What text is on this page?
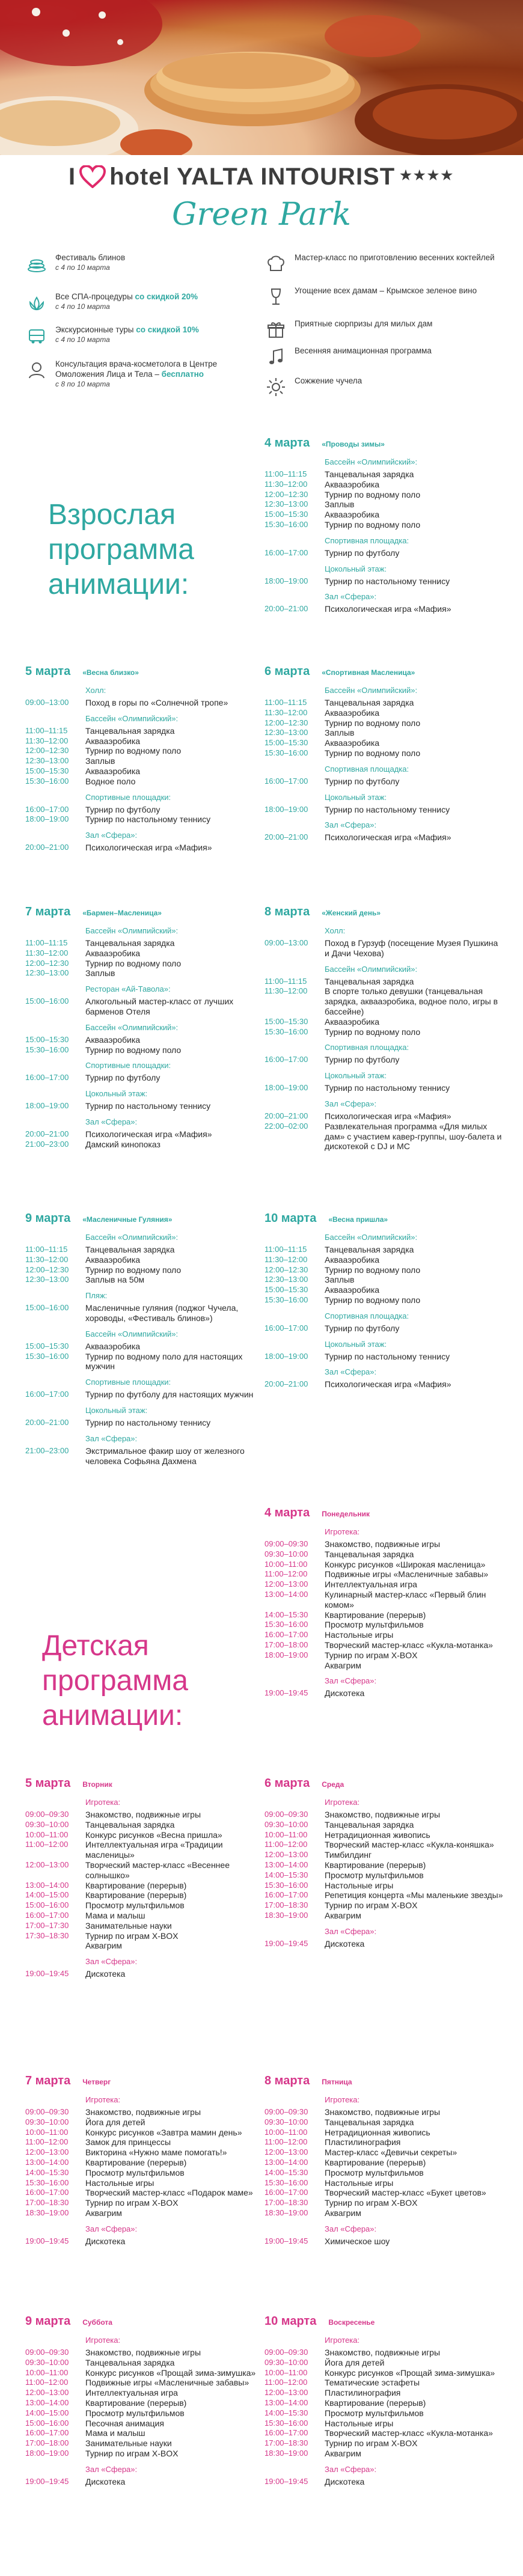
I hotel YALTA INTOURIST ★★★★
Green Park
Фестиваль блинов
с 4 по 10 марта
Мастер-класс по приготовлению весенних коктейлей
Все СПА-процедуры со скидкой 20%
с 4 по 10 марта
Угощение всех дамам – Крымское зеленое вино
Экскурсионные туры со скидкой 10%
с 4 по 10 марта
Приятные сюрпризы для милых дам
Консультация врача-косметолога в Центре Омоложения Лица и Тела – бесплатно
с 8 по 10 марта
Весенняя анимационная программа
Сожжение чучела
Взрослая программа анимации:
Детская программа анимации:
4 марта «Проводы зимы»
Бассейн «Олимпийский»:
11:00–11:15	Танцевальная зарядка
11:30–12:00	Аквааэробика
12:00–12:30	Турнир по водному поло
12:30–13:00	Заплыв
15:00–15:30	Аквааэробика
15:30–16:00	Турнир по водному поло
Спортивная площадка:
16:00–17:00	Турнир по футболу
Цокольный этаж:
18:00–19:00	Турнир по настольному теннису
Зал «Сфера»:
20:00–21:00	Психологическая игра «Мафия»
5 марта «Весна близко»
Холл:
09:00–13:00	Поход в горы по «Солнечной тропе»
Бассейн «Олимпийский»:
11:00–11:15	Танцевальная зарядка
11:30–12:00	Аквааэробика
12:00–12:30	Турнир по водному поло
12:30–13:00	Заплыв
15:00–15:30	Аквааэробика
15:30–16:00	Водное поло
Спортивные площадки:
16:00–17:00	Турнир по футболу
18:00–19:00	Турнир по настольному теннису
Зал «Сфера»:
20:00–21:00	Психологическая игра «Мафия»
6 марта «Спортивная Масленица»
Бассейн «Олимпийский»:
11:00–11:15	Танцевальная зарядка
11:30–12:00	Аквааэробика
12:00–12:30	Турнир по водному поло
12:30–13:00	Заплыв
15:00–15:30	Аквааэробика
15:30–16:00	Турнир по водному поло
Спортивная площадка:
16:00–17:00	Турнир по футболу
Цокольный этаж:
18:00–19:00	Турнир по настольному теннису
Зал «Сфера»:
20:00–21:00	Психологическая игра «Мафия»
7 марта «Бармен–Масленица»
Бассейн «Олимпийский»:
11:00–11:15	Танцевальная зарядка
11:30–12:00	Аквааэробика
12:00–12:30	Турнир по водному поло
12:30–13:00	Заплыв
Ресторан «Ай-Тавола»:
15:00–16:00	Алкогольный мастер-класс от лучших барменов Отеля
Бассейн «Олимпийский»:
15:00–15:30	Аквааэробика
15:30–16:00	Турнир по водному поло
Спортивные площадки:
16:00–17:00	Турнир по футболу
Цокольный этаж:
18:00–19:00	Турнир по настольному теннису
Зал «Сфера»:
20:00–21:00	Психологическая игра «Мафия»
21:00–23:00	Дамский кинопоказ
8 марта «Женский день»
Холл:
09:00–13:00	Поход в Гурзуф (посещение Музея Пушкина и Дачи Чехова)
Бассейн «Олимпийский»:
11:00–11:15	Танцевальная зарядка
11:30–12:00	В спорте только девушки (танцевальная зарядка, аквааэробика, водное поло, игры в бассейне)
15:00–15:30	Аквааэробика
15:30–16:00	Турнир по водному поло
Спортивная площадка:
16:00–17:00	Турнир по футболу
Цокольный этаж:
18:00–19:00	Турнир по настольному теннису
Зал «Сфера»:
20:00–21:00	Психологическая игра «Мафия»
22:00–02:00	Развлекательная программа «Для милых дам» с участием кавер-группы, шоу-балета и дискотекой с DJ и MC
9 марта «Масленичные Гуляния»
Бассейн «Олимпийский»:
11:00–11:15	Танцевальная зарядка
11:30–12:00	Аквааэробика
12:00–12:30	Турнир по водному поло
12:30–13:00	Заплыв на 50м
Пляж:
15:00–16:00	Масленичные гуляния (поджог Чучела, хороводы, «Фестиваль блинов»)
Бассейн «Олимпийский»:
15:00–15:30	Аквааэробика
15:30–16:00	Турнир по водному поло для настоящих мужчин
Спортивные площадки:
16:00–17:00	Турнир по футболу для настоящих мужчин
Цокольный этаж:
20:00–21:00	Турнир по настольному теннису
Зал «Сфера»:
21:00–23:00	Экстримальное факир шоу от железного человека Софьяна Дахмена
10 марта «Весна пришла»
Бассейн «Олимпийский»:
11:00–11:15	Танцевальная зарядка
11:30–12:00	Аквааэробика
12:00–12:30	Турнир по водному поло
12:30–13:00	Заплыв
15:00–15:30	Аквааэробика
15:30–16:00	Турнир по водному поло
Спортивная площадка:
16:00–17:00	Турнир по футболу
Цокольный этаж:
18:00–19:00	Турнир по настольному теннису
Зал «Сфера»:
20:00–21:00	Психологическая игра «Мафия»
4 марта Понедельник
Игротека:
09:00–09:30	Знакомство, подвижные игры
09:30–10:00	Танцевальная зарядка
10:00–11:00	Конкурс рисунков «Широкая масленица»
11:00–12:00	Подвижные игры «Масленичные забавы»
12:00–13:00	Интеллектуальная игра
13:00–14:00	Кулинарный мастер-класс «Первый блин комом»
14:00–15:30	Квартирование (перерыв)
15:30–16:00	Просмотр мультфильмов
16:00–17:00	Настольные игры
17:00–18:00	Творческий мастер-класс «Кукла-мотанка»
18:00–19:00	Турнир по играм X-BOX
Аквагрим
Зал «Сфера»:
19:00–19:45	Дискотека
5 марта Вторник
Игротека:
09:00–09:30	Знакомство, подвижные игры
09:30–10:00	Танцевальная зарядка
10:00–11:00	Конкурс рисунков «Весна пришла»
11:00–12:00	Интеллектуальная игра «Традиции масленицы»
12:00–13:00	Творческий мастер-класс «Весеннее солнышко»
13:00–14:00	Квартирование (перерыв)
14:00–15:00	Квартирование (перерыв)
15:00–16:00	Просмотр мультфильмов
16:00–17:00	Мама и малыш
17:00–17:30	Занимательные науки
17:30–18:30	Турнир по играм X-BOX
Аквагрим
Зал «Сфера»:
19:00–19:45	Дискотека
6 марта Среда
Игротека:
09:00–09:30	Знакомство, подвижные игры
09:30–10:00	Танцевальная зарядка
10:00–11:00	Нетрадиционная живопись
11:00–12:00	Творческий мастер-класс «Кукла-коняшка»
12:00–13:00	Тимбилдинг
13:00–14:00	Квартирование (перерыв)
14:00–15:30	Просмотр мультфильмов
15:30–16:00	Настольные игры
16:00–17:00	Репетиция концерта «Мы маленькие звезды»
17:00–18:30	Турнир по играм X-BOX
18:30–19:00	Аквагрим
Зал «Сфера»:
19:00–19:45	Дискотека
7 марта Четверг
Игротека:
09:00–09:30	Знакомство, подвижные игры
09:30–10:00	Йога для детей
10:00–11:00	Конкурс рисунков «Завтра мамин день»
11:00–12:00	Замок для принцессы
12:00–13:00	Викторина «Нужно маме помогать!»
13:00–14:00	Квартирование (перерыв)
14:00–15:30	Просмотр мультфильмов
15:30–16:00	Настольные игры
16:00–17:00	Творческий мастер-класс «Подарок маме»
17:00–18:30	Турнир по играм X-BOX
18:30–19:00	Аквагрим
Зал «Сфера»:
19:00–19:45	Дискотека
8 марта Пятница
Игротека:
09:00–09:30	Знакомство, подвижные игры
09:30–10:00	Танцевальная зарядка
10:00–11:00	Нетрадиционная живопись
11:00–12:00	Пластилинография
12:00–13:00	Мастер-класс «Девичьи секреты»
13:00–14:00	Квартирование (перерыв)
14:00–15:30	Просмотр мультфильмов
15:30–16:00	Настольные игры
16:00–17:00	Творческий мастер-класс «Букет цветов»
17:00–18:30	Турнир по играм X-BOX
18:30–19:00	Аквагрим
Зал «Сфера»:
19:00–19:45	Химическое шоу
9 марта Суббота
Игротека:
09:00–09:30	Знакомство, подвижные игры
09:30–10:00	Танцевальная зарядка
10:00–11:00	Конкурс рисунков «Прощай зима-зимушка»
11:00–12:00	Подвижные игры «Масленичные забавы»
12:00–13:00	Интеллектуальная игра
13:00–14:00	Квартирование (перерыв)
14:00–15:00	Просмотр мультфильмов
15:00–16:00	Песочная анимация
16:00–17:00	Мама и малыш
17:00–18:00	Занимательные науки
18:00–19:00	Турнир по играм X-BOX
Зал «Сфера»:
19:00–19:45	Дискотека
10 марта Воскресенье
Игротека:
09:00–09:30	Знакомство, подвижные игры
09:30–10:00	Йога для детей
10:00–11:00	Конкурс рисунков «Прощай зима-зимушка»
11:00–12:00	Тематические эстафеты
12:00–13:00	Пластилинография
13:00–14:00	Квартирование (перерыв)
14:00–15:30	Просмотр мультфильмов
15:30–16:00	Настольные игры
16:00–17:00	Творческий мастер-класс «Кукла-мотанка»
17:00–18:30	Турнир по играм X-BOX
18:30–19:00	Аквагрим
Зал «Сфера»:
19:00–19:45	Дискотека
